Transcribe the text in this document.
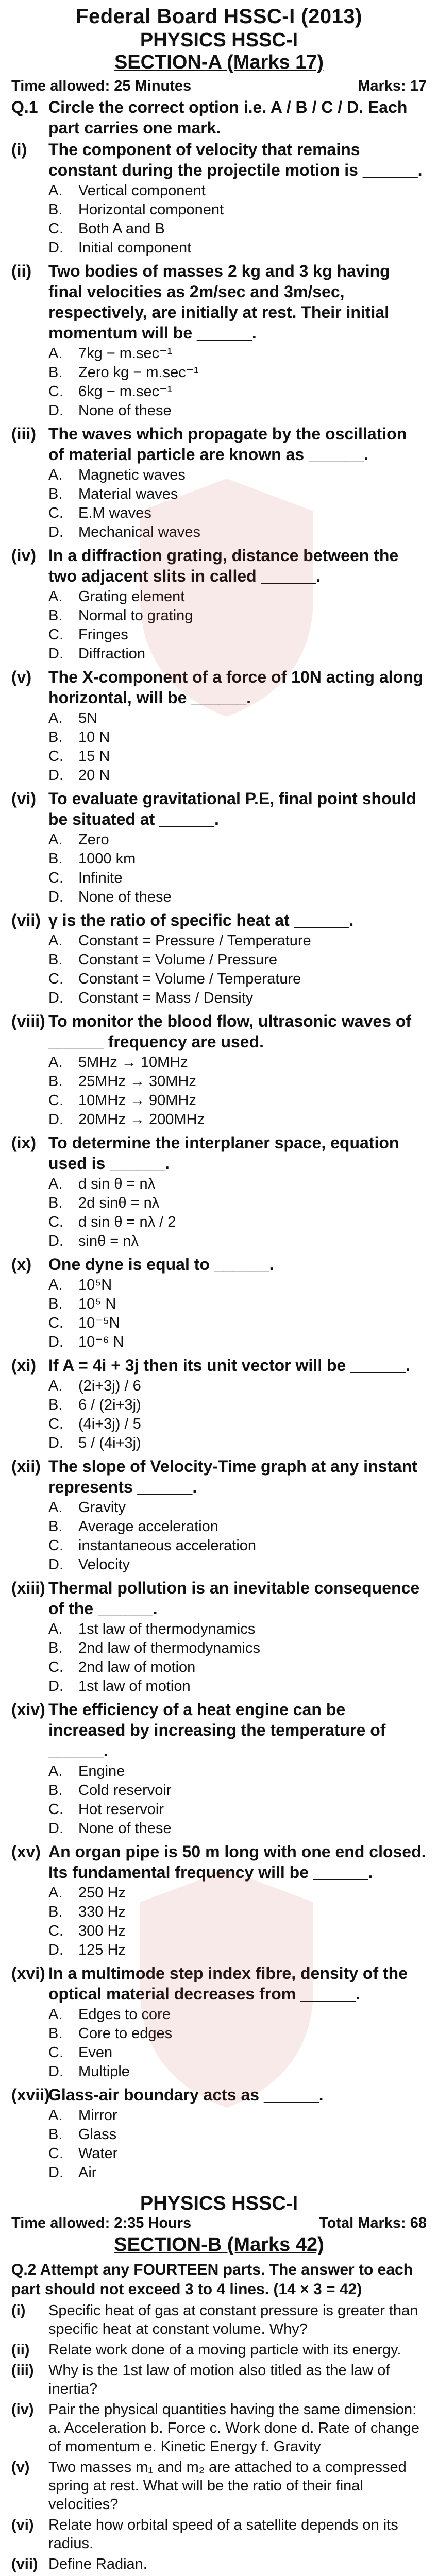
Federal Board HSSC-I (2013)
PHYSICS HSSC-I
SECTION-A (Marks 17)
Time allowed: 25 Minutes	Marks: 17
Q.1 Circle the correct option i.e. A / B / C / D. Each part carries one mark.
(i)	The component of velocity that remains constant during the projectile motion is ______.
A.	Vertical component
B.	Horizontal component
C.	Both A and B
D.	Initial component
(ii)	Two bodies of masses 2 kg and 3 kg having final velocities as 2m/sec and 3m/sec, respectively, are initially at rest. Their initial momentum will be ______.
A.	7kg − m.sec⁻¹
B.	Zero kg − m.sec⁻¹
C.	6kg − m.sec⁻¹
D.	None of these
(iii) The waves which propagate by the oscillation of material particle are known as ______.
A.	Magnetic waves
B.	Material waves
C.	E.M waves
D.	Mechanical waves
(iv) In a diffraction grating, distance between the two adjacent slits in called ______.
A.	Grating element
B.	Normal to grating
C.	Fringes
D.	Diffraction
(v)	The X-component of a force of 10N acting along horizontal, will be ______.
A.	5N
B.	10 N
C.	15 N
D.	20 N
(vi) To evaluate gravitational P.E, final point should be situated at ______.
A.	Zero
B.	1000 km
C.	Infinite
D.	None of these
(vii) γ is the ratio of specific heat at ______.
A.	Constant = Pressure / Temperature
B.	Constant = Volume / Pressure
C.	Constant = Volume / Temperature
D.	Constant = Mass / Density
(viii) To monitor the blood flow, ultrasonic waves of ______ frequency are used.
A.	5MHz → 10MHz
B.	25MHz → 30MHz
C.	10MHz → 90MHz
D.	20MHz → 200MHz
(ix) To determine the interplaner space, equation used is ______.
A.	d sin θ = nλ
B.	2d sinθ = nλ
C.	d sin θ = nλ / 2
D.	sinθ = nλ
(x)	One dyne is equal to ______.
A.	10⁵N
B.	10⁵ N
C.	10⁻⁵N
D.	10⁻⁶ N
(xi) If A = 4i + 3j then its unit vector will be ______.
A.	(2i+3j) / 6
B.	6 / (2i+3j)
C.	(4i+3j) / 5
D.	5 / (4i+3j)
(xii) The slope of Velocity-Time graph at any instant represents ______.
A.	Gravity
B.	Average acceleration
C.	instantaneous acceleration
D.	Velocity
(xiii) Thermal pollution is an inevitable consequence of the ______.
A.	1st law of thermodynamics
B.	2nd law of thermodynamics
C.	2nd law of motion
D.	1st law of motion
(xiv) The efficiency of a heat engine can be increased by increasing the temperature of ______.
A.	Engine
B.	Cold reservoir
C.	Hot reservoir
D.	None of these
(xv) An organ pipe is 50 m long with one end closed. Its fundamental frequency will be ______.
A.	250 Hz
B.	330 Hz
C.	300 Hz
D.	125 Hz
(xvi) In a multimode step index fibre, density of the optical material decreases from ______.
A.	Edges to core
B.	Core to edges
C.	Even
D.	Multiple
(xvii)
Glass-air boundary acts as ______.
A.	Mirror
B.	Glass
C.	Water
D.	Air
PHYSICS HSSC-I
Time allowed: 2:35 Hours	Total Marks: 68
SECTION-B (Marks 42)
Q.2 Attempt any FOURTEEN parts. The answer to each part should not exceed 3 to 4 lines. (14 × 3 = 42)
(i)	Specific heat of gas at constant pressure is greater than specific heat at constant volume. Why?
(ii)	Relate work done of a moving particle with its energy.
(iii) Why is the 1st law of motion also titled as the law of inertia?
(iv) Pair the physical quantities having the same dimension: a. Acceleration b. Force c. Work done d. Rate of change of momentum e. Kinetic Energy f. Gravity
(v)	Two masses m₁ and m₂ are attached to a compressed spring at rest. What will be the ratio of their final velocities?
(vi) Relate how orbital speed of a satellite depends on its radius.
(vii) Define Radian.
